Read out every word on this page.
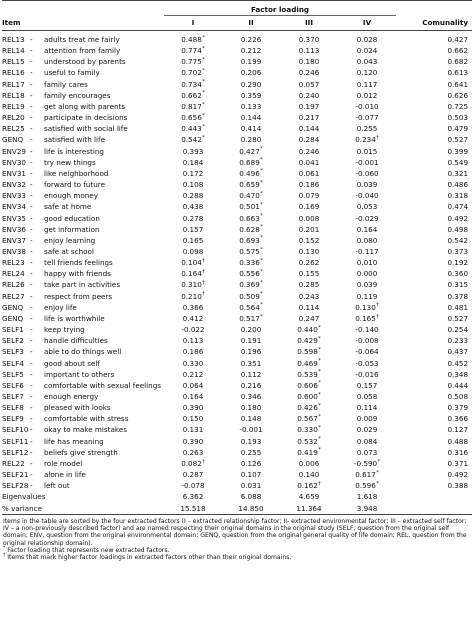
			Factor loading				
Item			I	II	III	IV	Comunality
REL13	-	adults treat me fairly	0.488*	0.226	0.370	0.028	0.427
REL14	-	attention from family	0.774*	0.212	0.113	0.024	0.662
REL15	-	understood by parents	0.775*	0.199	0.180	0.043	0.682
REL16	-	useful to family	0.702*	0.206	0.246	0.120	0.613
REL17	-	family cares	0.734*	0.290	0.057	0.117	0.641
REL18	-	family encourages	0.662*	0.359	0.240	0.012	0.626
REL19	-	get along with parents	0.817*	0.133	0.197	-0.010	0.725
REL20	-	participate in decisions	0.656*	0.144	0.217	-0.077	0.503
REL25	-	satisfied with social life	0.443*	0.414	0.144	0.255	0.479
GENQ	-	satisfied with life	0.542*	0.280	0.284	0.234†	0.527
ENV29	-	life is interesting	0.393	0.427*	0.246	0.015	0.399
ENV30	-	try new things	0.184	0.689*	0.041	-0.001	0.549
ENV31	-	like neighborhood	0.172	0.496*	0.061	-0.060	0.321
ENV32	-	forward to future	0.108	0.659*	0.186	0.039	0.486
ENV33	-	enough money	0.288	0.470*	0.079	-0.040	0.318
ENV34	-	safe at home	0.438	0.501*	0.169	0.053	0.474
ENV35	-	good education	0.278	0.663*	0.008	-0.029	0.492
ENV36	-	get information	0.157	0.628*	0.201	0.164	0.498
ENV37	-	enjoy learning	0.165	0.693*	0.152	0.080	0.542
ENV38	-	safe at school	0.098	0.575*	0.130	-0.117	0.373
REL23	-	tell friends feelings	0.104†	0.336*	0.262	0.010	0.192
REL24	-	happy with friends	0.164†	0.556*	0.155	0.000	0.360
REL26	-	take part in activities	0.310†	0.369*	0.285	0.039	0.315
REL27	-	respect from peers	0.210†	0.509*	0.243	0.119	0.378
GENQ	-	enjoy life	0.366	0.564*	0.114	0.130†	0.481
GENQ	-	life is worthwhile	0.412	0.517*	0.247	0.165†	0.527
SELF1	-	keep trying	-0.022	0.200	0.440*	-0.140	0.254
SELF2	-	handle difficulties	0.113	0.191	0.429*	-0.008	0.233
SELF3	-	able to do things well	0.186	0.196	0.598*	-0.064	0.437
SELF4	-	good about self	0.330	0.351	0.469*	-0.053	0.452
SELF5	-	important to others	0.212	0.112	0.539*	-0.016	0.348
SELF6	-	comfortable with sexual feelings	0.064	0.216	0.606*	0.157	0.444
SELF7	-	enough energy	0.164	0.346	0.600*	0.058	0.508
SELF8	-	pleased with looks	0.390	0.180	0.426*	0.114	0.379
SELF9	-	comfortable with stress	0.150	0.148	0.567*	0.009	0.366
SELF10	-	okay to make mistakes	0.131	-0.001	0.330*	0.029	0.127
SELF11	-	life has meaning	0.390	0.193	0.532*	0.084	0.488
SELF12	-	beliefs give strength	0.263	0.255	0.419*	0.073	0.316
REL22	-	role model	0.082†	0.126	0.006	-0.590*	0.371
SELF21	-	alone in life	0.287	0.107	0.140	0.617*	0.492
SELF28	-	left out	-0.078	0.031	0.162†	0.596*	0.388
Eigenvalues			6.362	6.088	4.659	1.618	
% variance			15.518	14.850	11.364	3.948	

Items in the table are sorted by the four extracted factors (I – extracted relationship factor; II- extracted environmental factor; III – extracted self factor; IV – a non-previously described factor) and are named respecting their original domains in the original study (SELF, question from the original self domain; ENV, question from the original environmental domain; GENQ, question from the original general quality of life domain; REL, question from the original relationship domain).

* Factor loading that represents new extracted factors.

† Items that mark higher factor loadings in extracted factors other than their original domains.
